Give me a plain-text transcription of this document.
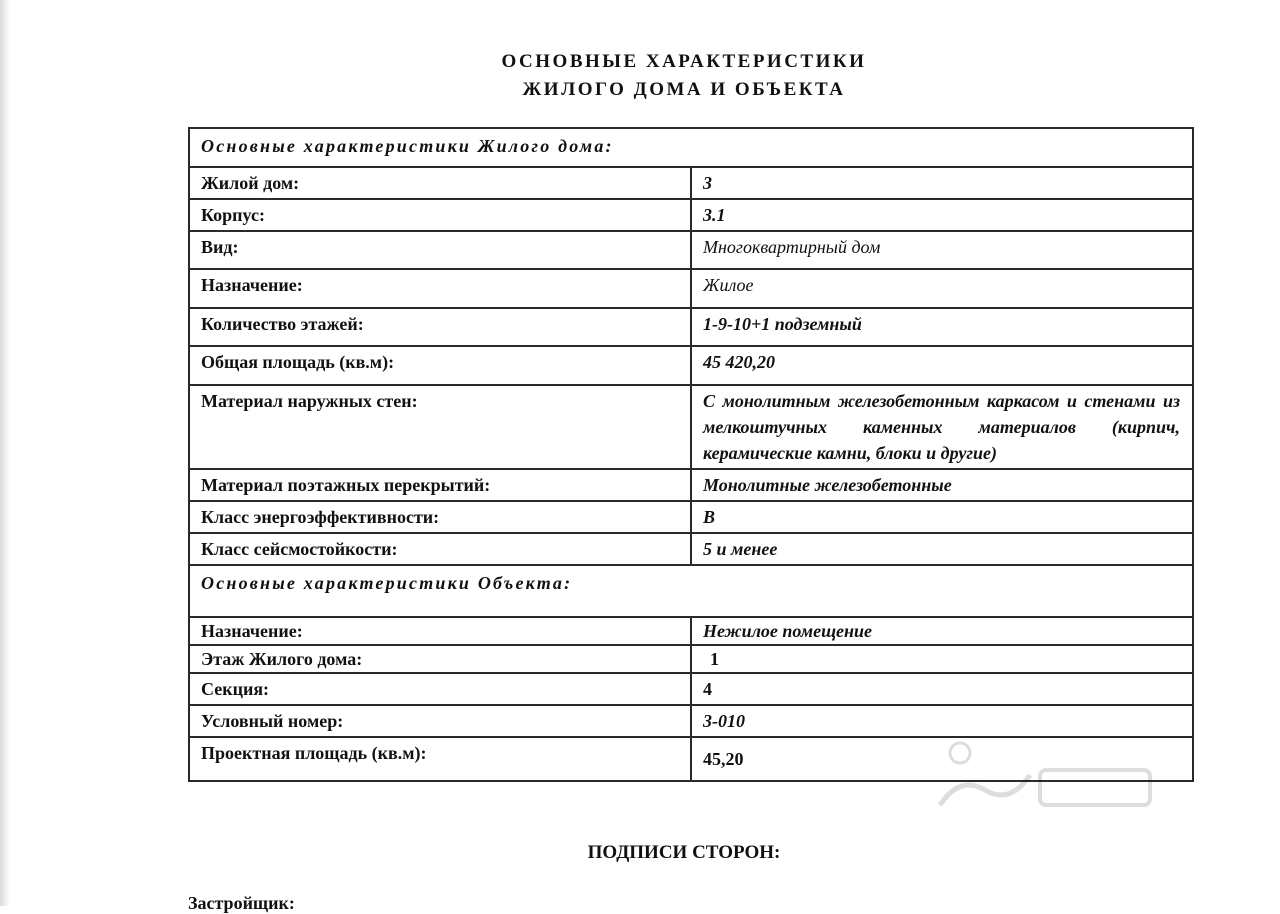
ОСНОВНЫЕ ХАРАКТЕРИСТИКИ
ЖИЛОГО ДОМА И ОБЪЕКТА
Основные характеристики Жилого дома:	
Жилой дом:	3
Корпус:	3.1
Вид:	Многоквартирный дом
Назначение:	Жилое
Количество этажей:	1-9-10+1 подземный
Общая площадь (кв.м):	45 420,20
Материал наружных стен:	С монолитным железобетонным каркасом и стенами из мелкоштучных каменных материалов (кирпич, керамические камни, блоки и другие)
Материал поэтажных перекрытий:	Монолитные железобетонные
Класс энергоэффективности:	В
Класс сейсмостойкости:	5 и менее
Основные характеристики Объекта:	
Назначение:	Нежилое помещение
Этаж Жилого дома:	1
Секция:	4
Условный номер:	3-010
Проектная площадь (кв.м):	45,20
ПОДПИСИ СТОРОН:
Застройщик:
